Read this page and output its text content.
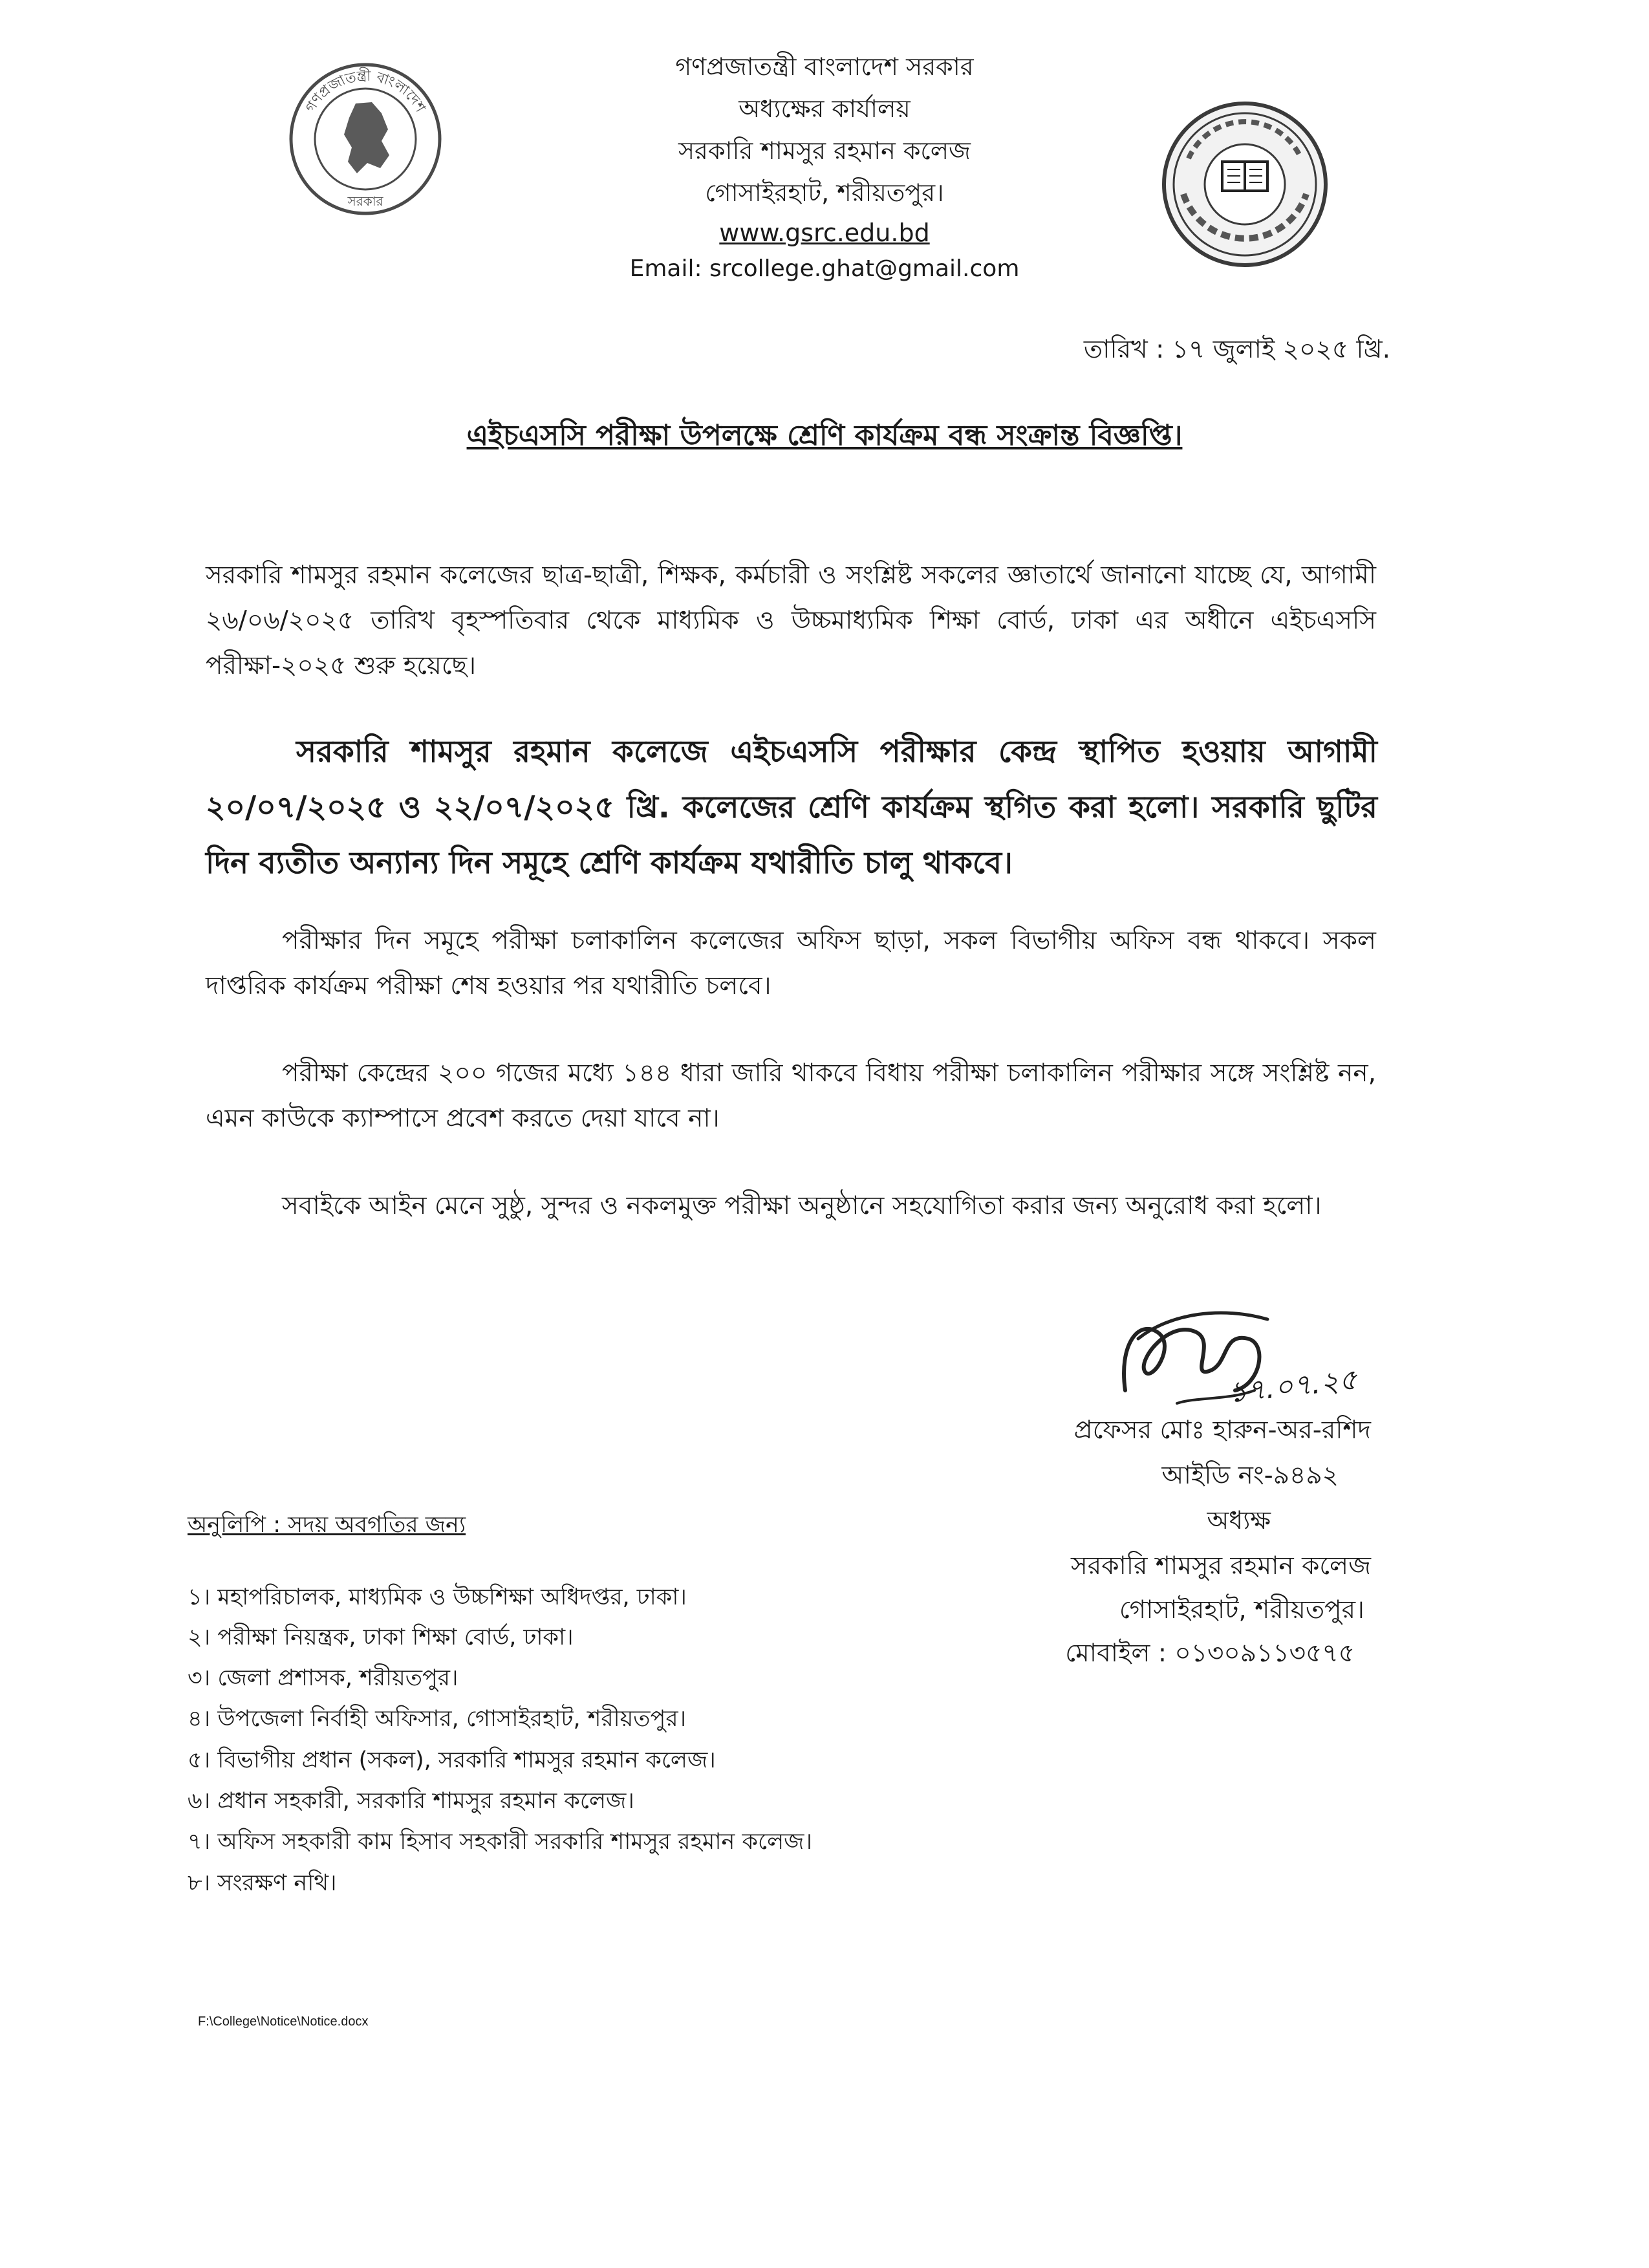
গণপ্রজাতন্ত্রী বাংলাদেশ
সরকার
গণপ্রজাতন্ত্রী বাংলাদেশ সরকার
অধ্যক্ষের কার্যালয়
সরকারি শামসুর রহমান কলেজ
গোসাইরহাট, শরীয়তপুর।
www.gsrc.edu.bd
Email: srcollege.ghat@gmail.com
তারিখ : ১৭ জুলাই ২০২৫ খ্রি.
এইচএসসি পরীক্ষা উপলক্ষে শ্রেণি কার্যক্রম বন্ধ সংক্রান্ত বিজ্ঞপ্তি।

সরকারি শামসুর রহমান কলেজের ছাত্র-ছাত্রী, শিক্ষক, কর্মচারী ও সংশ্লিষ্ট সকলের জ্ঞাতার্থে জানানো যাচ্ছে যে, আগামী ২৬/০৬/২০২৫ তারিখ বৃহস্পতিবার থেকে মাধ্যমিক ও উচ্চমাধ্যমিক শিক্ষা বোর্ড, ঢাকা এর অধীনে এইচএসসি পরীক্ষা-২০২৫ শুরু হয়েছে।

সরকারি শামসুর রহমান কলেজে এইচএসসি পরীক্ষার কেন্দ্র স্থাপিত হওয়ায় আগামী ২০/০৭/২০২৫ ও ২২/০৭/২০২৫ খ্রি. কলেজের শ্রেণি কার্যক্রম স্থগিত করা হলো। সরকারি ছুটির দিন ব্যতীত অন্যান্য দিন সমূহে শ্রেণি কার্যক্রম যথারীতি চালু থাকবে।
পরীক্ষার দিন সমূহে পরীক্ষা চলাকালিন কলেজের অফিস ছাড়া, সকল বিভাগীয় অফিস বন্ধ থাকবে। সকল দাপ্তরিক কার্যক্রম পরীক্ষা শেষ হওয়ার পর যথারীতি চলবে।
পরীক্ষা কেন্দ্রের ২০০ গজের মধ্যে ১৪৪ ধারা জারি থাকবে বিধায় পরীক্ষা চলাকালিন পরীক্ষার সঙ্গে সংশ্লিষ্ট নন, এমন কাউকে ক্যাম্পাসে প্রবেশ করতে দেয়া যাবে না।
সবাইকে আইন মেনে সুষ্ঠু, সুন্দর ও নকলমুক্ত পরীক্ষা অনুষ্ঠানে সহযোগিতা করার জন্য অনুরোধ করা হলো।
১৭.০৭.২৫
প্রফেসর মোঃ হারুন-অর-রশিদ
আইডি নং-৯৪৯২
অধ্যক্ষ
সরকারি শামসুর রহমান কলেজ
গোসাইরহাট, শরীয়তপুর।
মোবাইল : ০১৩০৯১১৩৫৭৫
অনুলিপি : সদয় অবগতির জন্য
১। মহাপরিচালক, মাধ্যমিক ও উচ্চশিক্ষা অধিদপ্তর, ঢাকা।
২। পরীক্ষা নিয়ন্ত্রক, ঢাকা শিক্ষা বোর্ড, ঢাকা।
৩। জেলা প্রশাসক, শরীয়তপুর।
৪। উপজেলা নির্বাহী অফিসার, গোসাইরহাট, শরীয়তপুর।
৫। বিভাগীয় প্রধান (সকল), সরকারি শামসুর রহমান কলেজ।
৬। প্রধান সহকারী, সরকারি শামসুর রহমান কলেজ।
৭। অফিস সহকারী কাম হিসাব সহকারী সরকারি শামসুর রহমান কলেজ।
৮। সংরক্ষণ নথি।
F:\College\Notice\Notice.docx
